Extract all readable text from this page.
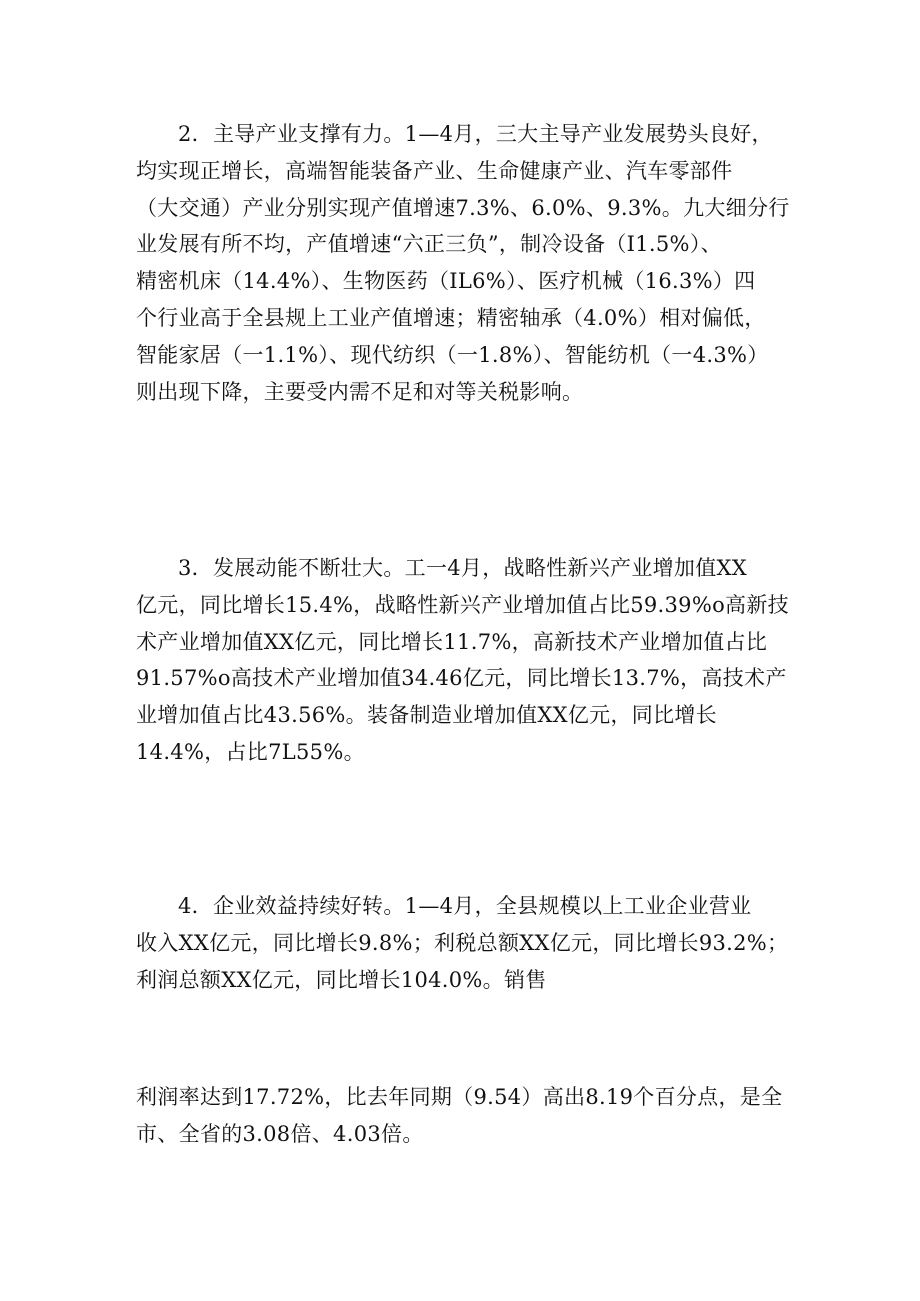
2．主导产业支撑有力。1—4月，三大主导产业发展势头良好，
均实现正增长，高端智能装备产业、生命健康产业、汽车零部件
（大交通）产业分别实现产值增速7.3%、6.0%、9.3%。九大细分行
业发展有所不均，产值增速“六正三负”，制冷设备（I1.5%）、
精密机床（14.4%）、生物医药（IL6%）、医疗机械（16.3%）四
个行业高于全县规上工业产值增速；精密轴承（4.0%）相对偏低，
智能家居（一1.1%）、现代纺织（一1.8%）、智能纺机（一4.3%）
则出现下降，主要受内需不足和对等关税影响。
3．发展动能不断壮大。工一4月，战略性新兴产业增加值XX
亿元，同比增长15.4%，战略性新兴产业增加值占比59.39%o高新技
术产业增加值XX亿元，同比增长11.7%，高新技术产业增加值占比
91.57%o高技术产业增加值34.46亿元，同比增长13.7%，高技术产
业增加值占比43.56%。装备制造业增加值XX亿元，同比增长
14.4%，占比7L55%。
4．企业效益持续好转。1—4月，全县规模以上工业企业营业
收入XX亿元，同比增长9.8%；利税总额XX亿元，同比增长93.2%；
利润总额XX亿元，同比增长104.0%。销售
利润率达到17.72%，比去年同期（9.54）高出8.19个百分点，是全
市、全省的3.08倍、4.03倍。
